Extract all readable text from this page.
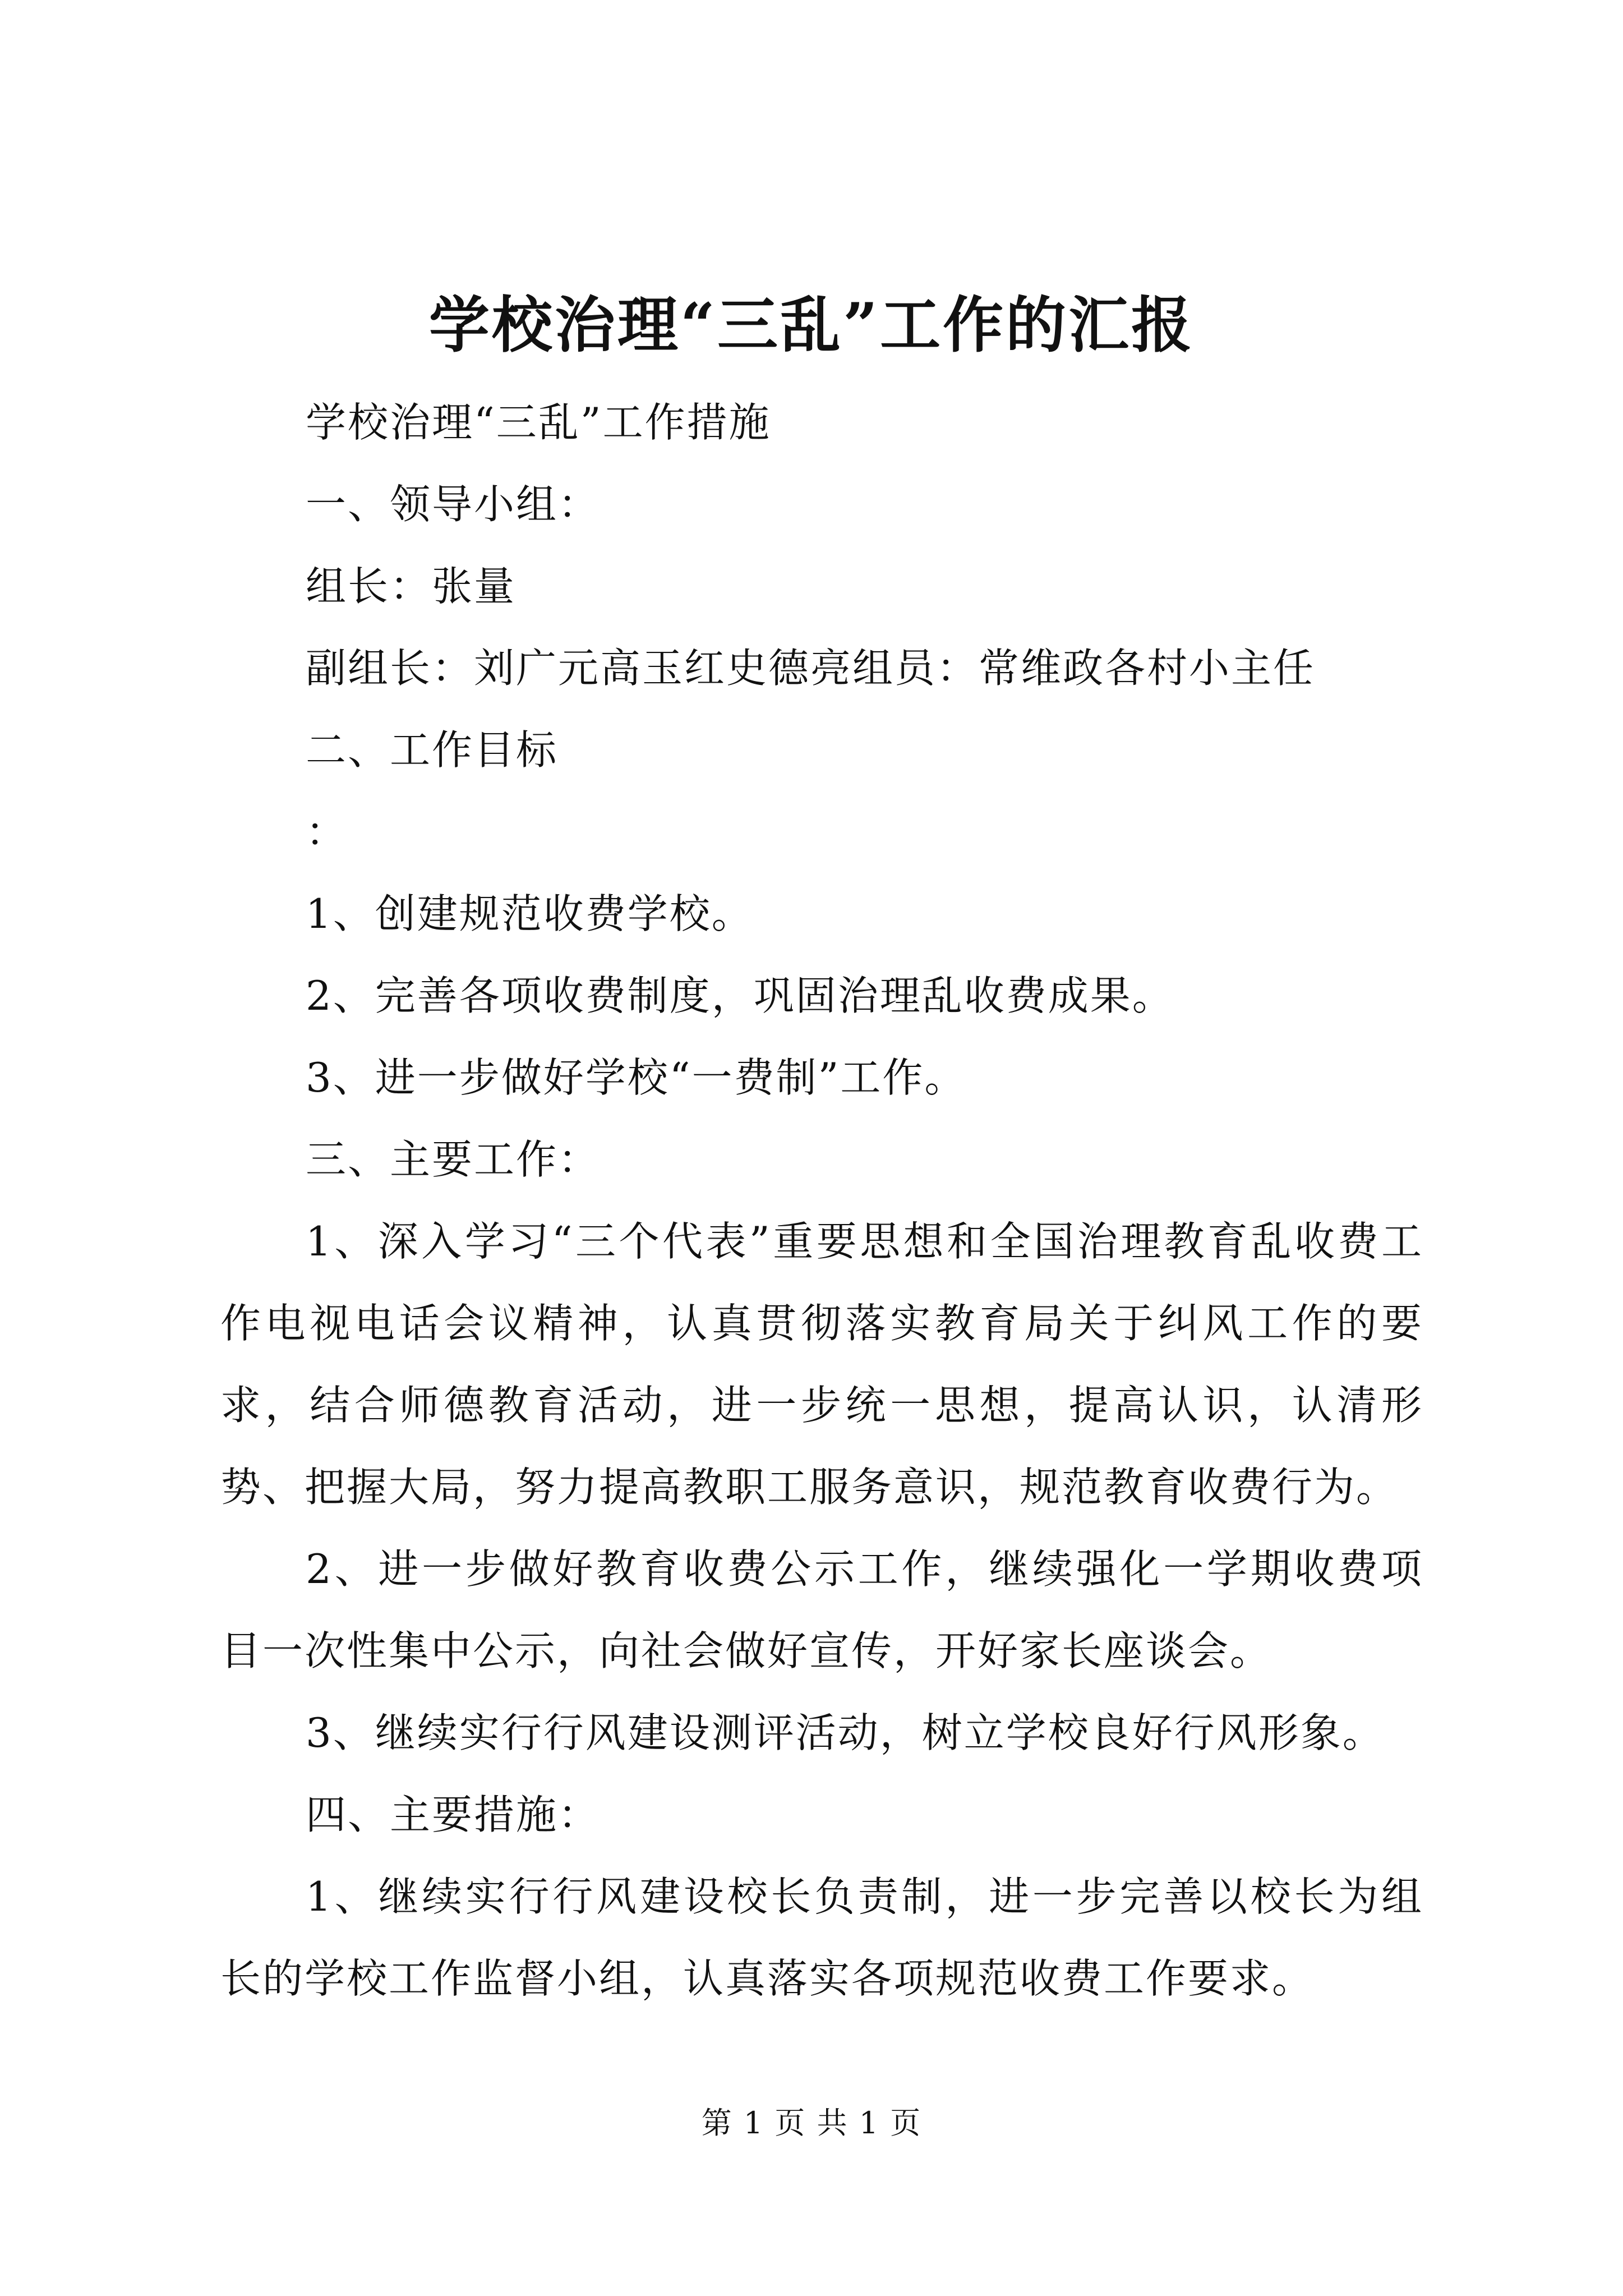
学校治理“三乱”工作的汇报

学校治理“三乱”工作措施

一、领导小组：

组长：张量

副组长：刘广元高玉红史德亮组员：常维政各村小主任

二、工作目标

：

1、创建规范收费学校。

2、完善各项收费制度，巩固治理乱收费成果。

3、进一步做好学校“一费制”工作。

三、主要工作：

1、深入学习“三个代表”重要思想和全国治理教育乱收费工作电视电话会议精神，认真贯彻落实教育局关于纠风工作的要求，结合师德教育活动，进一步统一思想，提高认识，认清形势、把握大局，努力提高教职工服务意识，规范教育收费行为。

2、进一步做好教育收费公示工作，继续强化一学期收费项目一次性集中公示，向社会做好宣传，开好家长座谈会。

3、继续实行行风建设测评活动，树立学校良好行风形象。

四、主要措施：

1、继续实行行风建设校长负责制，进一步完善以校长为组长的学校工作监督小组，认真落实各项规范收费工作要求。

第 1 页 共 1 页
